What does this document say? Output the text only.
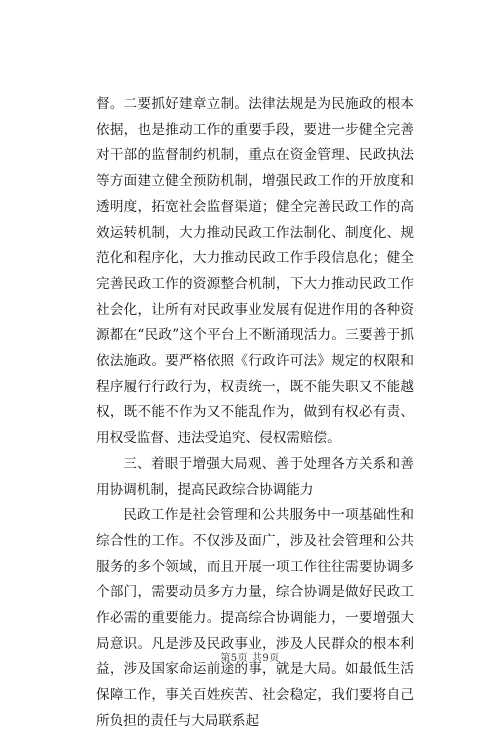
督。二要抓好建章立制。法律法规是为民施政的根本依据，也是推动工作的重要手段，要进一步健全完善对干部的监督制约机制，重点在资金管理、民政执法等方面建立健全预防机制，增强民政工作的开放度和透明度，拓宽社会监督渠道；健全完善民政工作的高效运转机制，大力推动民政工作法制化、制度化、规范化和程序化，大力推动民政工作手段信息化；健全完善民政工作的资源整合机制，下大力推动民政工作社会化，让所有对民政事业发展有促进作用的各种资源都在“民政”这个平台上不断涌现活力。三要善于抓依法施政。要严格依照《行政许可法》规定的权限和程序履行行政行为，权责统一，既不能失职又不能越权，既不能不作为又不能乱作为，做到有权必有责、用权受监督、违法受追究、侵权需赔偿。

三、着眼于增强大局观、善于处理各方关系和善用协调机制，提高民政综合协调能力

民政工作是社会管理和公共服务中一项基础性和综合性的工作。不仅涉及面广，涉及社会管理和公共服务的多个领域，而且开展一项工作往往需要协调多个部门，需要动员多方力量，综合协调是做好民政工作必需的重要能力。提高综合协调能力，一要增强大局意识。凡是涉及民政事业，涉及人民群众的根本利益，涉及国家命运前途的事，就是大局。如最低生活保障工作，事关百姓疾苦、社会稳定，我们要将自己所负担的责任与大局联系起

第5页 共9页
